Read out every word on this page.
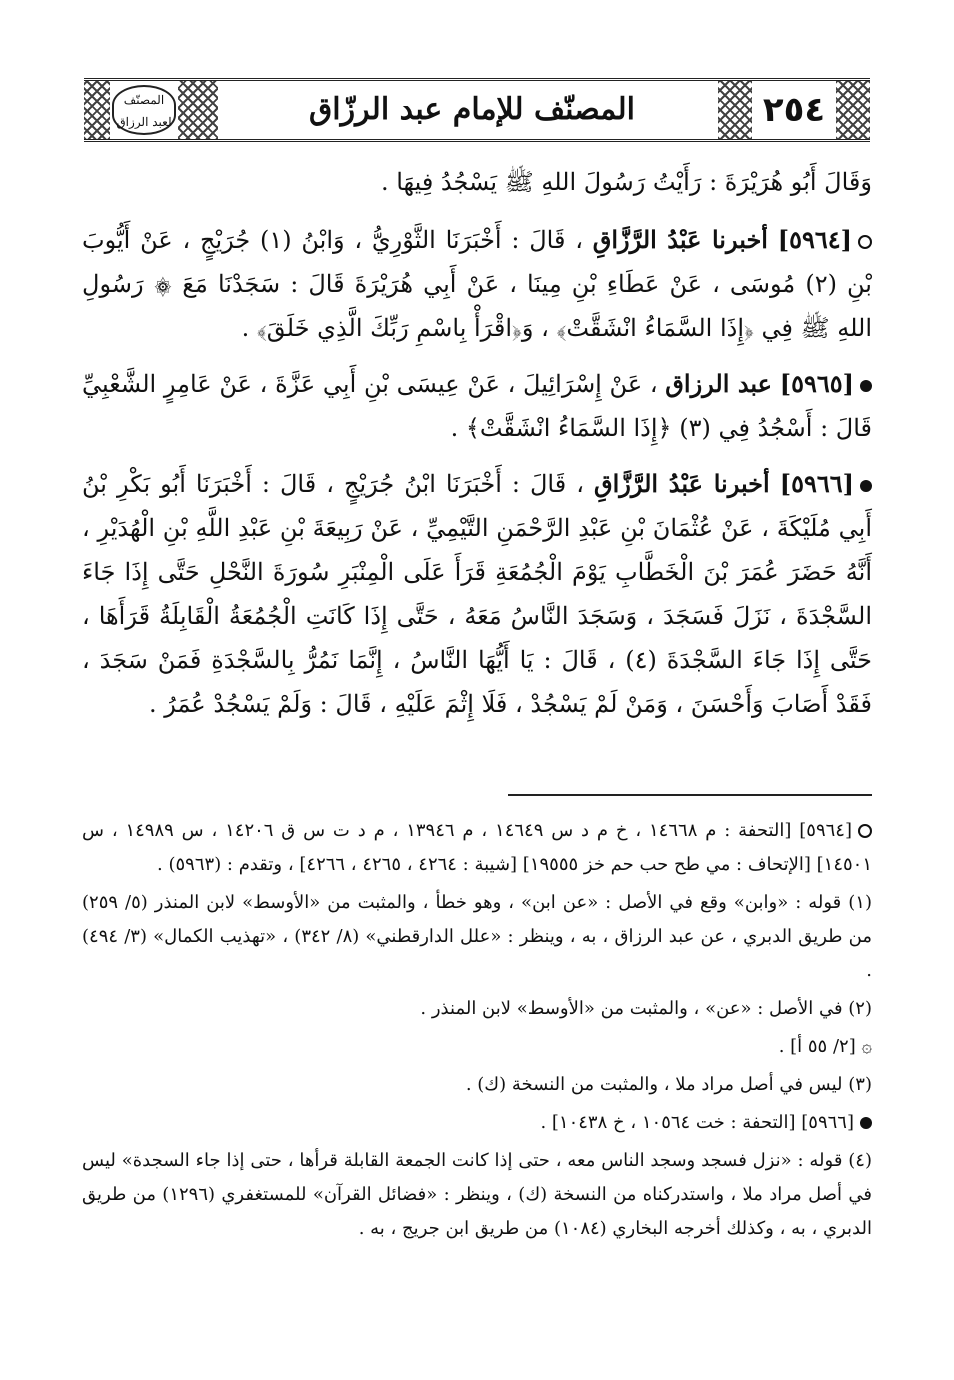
٢٥٤
المصنّف للإمام عبد الرزّاق
المصنّف
لعبد الرزاق

وَقَالَ أَبُو هُرَيْرَةَ : رَأَيْتُ رَسُولَ اللهِ ﷺ يَسْجُدُ فِيهَا .

[٥٩٦٤] أخبرنا عَبْدُ الرَّزَّاقِ ، قَالَ : أَخْبَرَنَا الثَّوْرِيُّ ، وَابْنُ (١) جُرَيْجٍ ، عَنْ أَيُّوبَ بْنِ (٢) مُوسَى ، عَنْ عَطَاءِ بْنِ مِينَا ، عَنْ أَبِي هُرَيْرَةَ قَالَ : سَجَدْنَا مَعَ ۞ رَسُولِ اللهِ ﷺ فِي ﴿إِذَا السَّمَاءُ انْشَقَّتْ﴾ ، وَ﴿اقْرَأْ بِاسْمِ رَبِّكَ الَّذِي خَلَقَ﴾ .

[٥٩٦٥] عبد الرزاق ، عَنْ إِسْرَائِيلَ ، عَنْ عِيسَى بْنِ أَبِي عَزَّةَ ، عَنْ عَامِرٍ الشَّعْبِيِّ قَالَ : أَسْجُدُ فِي (٣) ﴿إِذَا السَّمَاءُ انْشَقَّتْ﴾ .

[٥٩٦٦] أخبرنا عَبْدُ الرَّزَّاقِ ، قَالَ : أَخْبَرَنَا ابْنُ جُرَيْجٍ ، قَالَ : أَخْبَرَنَا أَبُو بَكْرِ بْنُ أَبِي مُلَيْكَةَ ، عَنْ عُثْمَانَ بْنِ عَبْدِ الرَّحْمَنِ التَّيْمِيِّ ، عَنْ رَبِيعَةَ بْنِ عَبْدِ اللَّهِ بْنِ الْهُدَيْرِ ، أَنَّهُ حَضَرَ عُمَرَ بْنَ الْخَطَّابِ يَوْمَ الْجُمُعَةِ قَرَأَ عَلَى الْمِنْبَرِ سُورَةَ النَّحْلِ حَتَّى إِذَا جَاءَ السَّجْدَةَ ، نَزَلَ فَسَجَدَ ، وَسَجَدَ النَّاسُ مَعَهُ ، حَتَّى إِذَا كَانَتِ الْجُمُعَةُ الْقَابِلَةُ قَرَأَهَا ، حَتَّى إِذَا جَاءَ السَّجْدَةَ (٤) ، قَالَ : يَا أَيُّهَا النَّاسُ ، إِنَّمَا نَمُرُّ بِالسَّجْدَةِ فَمَنْ سَجَدَ ، فَقَدْ أَصَابَ وَأَحْسَنَ ، وَمَنْ لَمْ يَسْجُدْ ، فَلَا إِثْمَ عَلَيْهِ ، قَالَ : وَلَمْ يَسْجُدْ عُمَرُ .

[٥٩٦٤] [التحفة : م ١٤٦٦٨ ، خ م د س ١٤٦٤٩ ، م ١٣٩٤٦ ، م د ت س ق ١٤٢٠٦ ، س ١٤٩٨٩ ، س ١٤٥٠١] [الإتحاف : مي طح حب حم خز ١٩٥٥٥] [شيبة : ٤٢٦٤ ، ٤٢٦٥ ، ٤٢٦٦] ، وتقدم : (٥٩٦٣) .

(١) قوله : «وابن» وقع في الأصل : «عن ابن» ، وهو خطأ ، والمثبت من «الأوسط» لابن المنذر (٥/ ٢٥٩) من طريق الدبري ، عن عبد الرزاق ، به ، وينظر : «علل الدارقطني» (٨/ ٣٤٢) ، «تهذيب الكمال» (٣/ ٤٩٤) .

(٢) في الأصل : «عن» ، والمثبت من «الأوسط» لابن المنذر .

۞ [٢/ ٥٥ أ] .

(٣) ليس في أصل مراد ملا ، والمثبت من النسخة (ك) .

[٥٩٦٦] [التحفة : خت ١٠٥٦٤ ، خ ١٠٤٣٨] .

(٤) قوله : «نزل فسجد وسجد الناس معه ، حتى إذا كانت الجمعة القابلة قرأها ، حتى إذا جاء السجدة» ليس في أصل مراد ملا ، واستدركناه من النسخة (ك) ، وينظر : «فضائل القرآن» للمستغفري (١٢٩٦) من طريق الدبري ، به ، وكذلك أخرجه البخاري (١٠٨٤) من طريق ابن جريج ، به .
